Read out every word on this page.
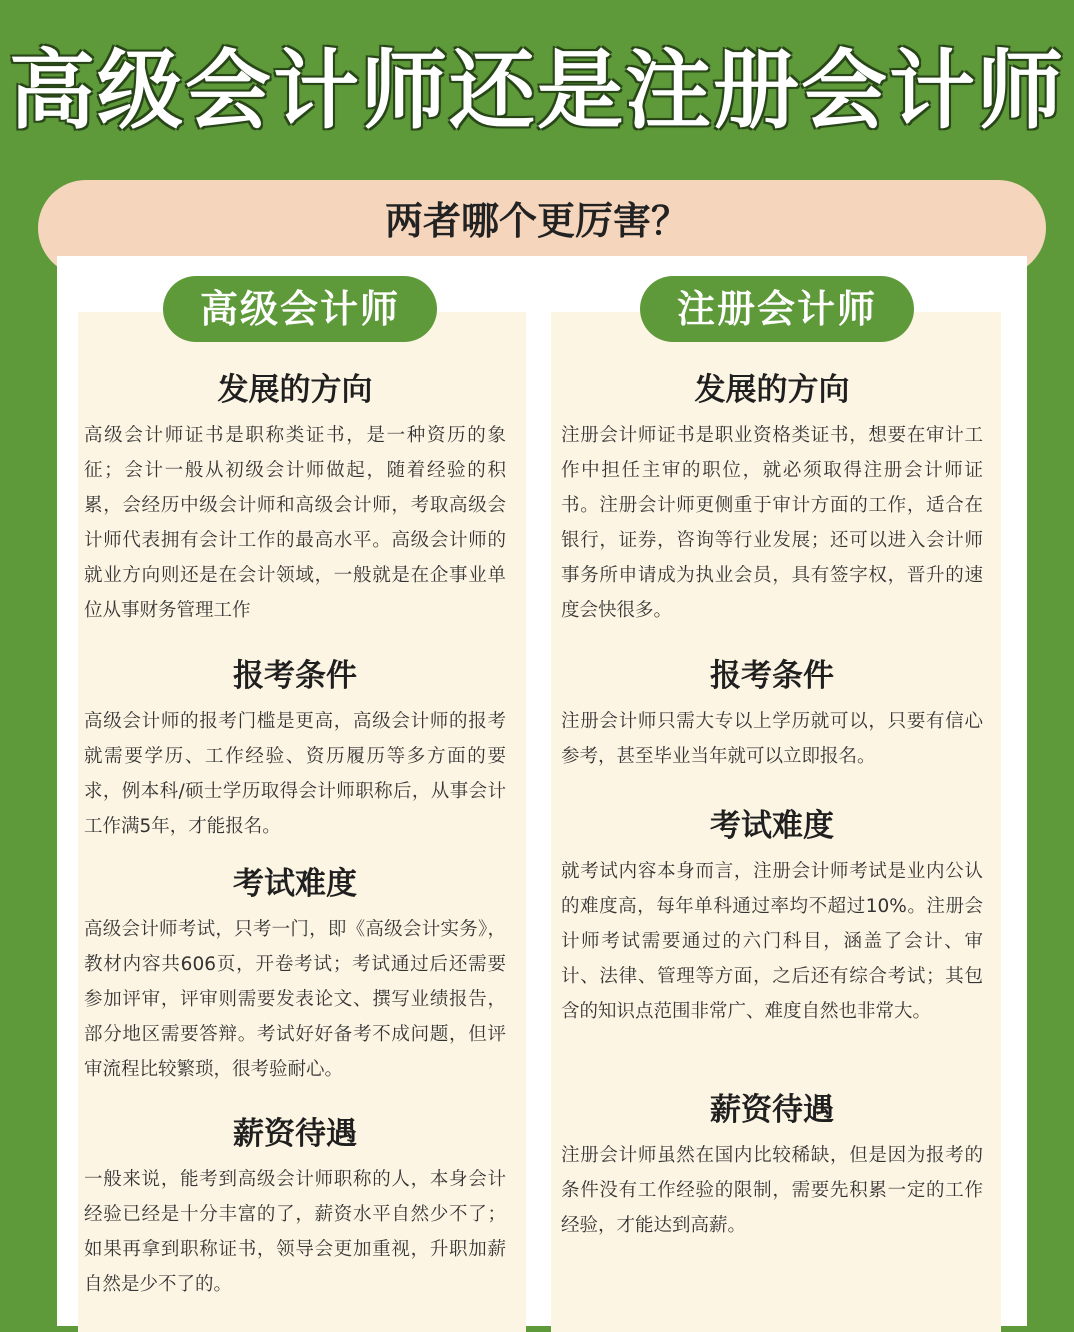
高级会计师还是注册会计师
两者哪个更厉害？
高级会计师	注册会计师
发展的方向

高级会计师证书是职称类证书，是一种资历的象征；会计一般从初级会计师做起，随着经验的积累，会经历中级会计师和高级会计师，考取高级会计师代表拥有会计工作的最高水平。高级会计师的就业方向则还是在会计领域，一般就是在企事业单位从事财务管理工作

报考条件

高级会计师的报考门槛是更高，高级会计师的报考就需要学历、工作经验、资历履历等多方面的要求，例本科/硕士学历取得会计师职称后，从事会计工作满5年，才能报名。

考试难度

高级会计师考试，只考一门，即《高级会计实务》，教材内容共606页，开卷考试；考试通过后还需要参加评审，评审则需要发表论文、撰写业绩报告，部分地区需要答辩。考试好好备考不成问题，但评审流程比较繁琐，很考验耐心。

薪资待遇

一般来说，能考到高级会计师职称的人，本身会计经验已经是十分丰富的了，薪资水平自然少不了；如果再拿到职称证书，领导会更加重视，升职加薪自然是少不了的。

发展的方向

注册会计师证书是职业资格类证书，想要在审计工作中担任主审的职位，就必须取得注册会计师证书。注册会计师更侧重于审计方面的工作，适合在银行，证券，咨询等行业发展；还可以进入会计师事务所申请成为执业会员，具有签字权，晋升的速度会快很多。

报考条件

注册会计师只需大专以上学历就可以，只要有信心参考，甚至毕业当年就可以立即报名。

考试难度

就考试内容本身而言，注册会计师考试是业内公认的难度高，每年单科通过率均不超过10%。注册会计师考试需要通过的六门科目，涵盖了会计、审计、法律、管理等方面，之后还有综合考试；其包含的知识点范围非常广、难度自然也非常大。

薪资待遇

注册会计师虽然在国内比较稀缺，但是因为报考的条件没有工作经验的限制，需要先积累一定的工作经验，才能达到高薪。
